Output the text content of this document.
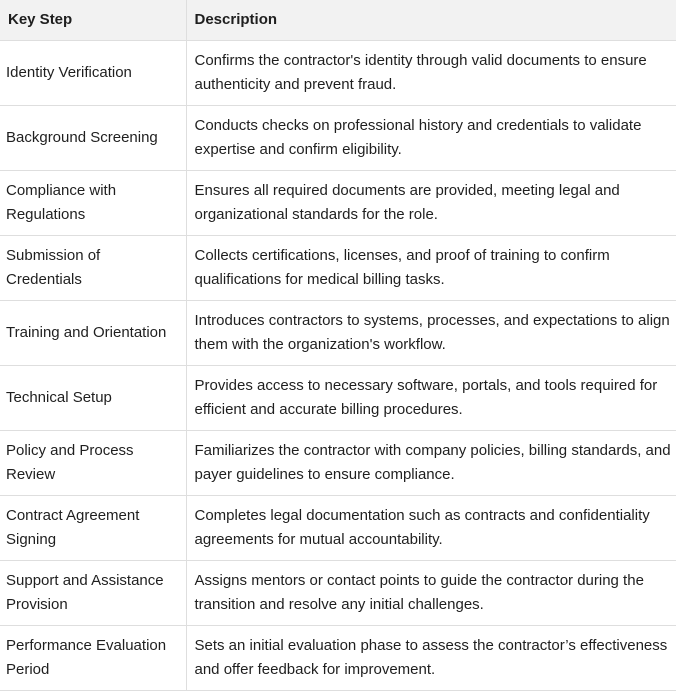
Key Step	Description
Identity Verification	Confirms the contractor's identity through valid documents to ensure authenticity and prevent fraud.
Background Screening	Conducts checks on professional history and credentials to validate expertise and confirm eligibility.
Compliance with Regulations	Ensures all required documents are provided, meeting legal and organizational standards for the role.
Submission of Credentials	Collects certifications, licenses, and proof of training to confirm qualifications for medical billing tasks.
Training and Orientation	Introduces contractors to systems, processes, and expectations to align them with the organization's workflow.
Technical Setup	Provides access to necessary software, portals, and tools required for efficient and accurate billing procedures.
Policy and Process Review	Familiarizes the contractor with company policies, billing standards, and payer guidelines to ensure compliance.
Contract Agreement Signing	Completes legal documentation such as contracts and confidentiality agreements for mutual accountability.
Support and Assistance Provision	Assigns mentors or contact points to guide the contractor during the transition and resolve any initial challenges.
Performance Evaluation Period	Sets an initial evaluation phase to assess the contractor’s effectiveness and offer feedback for improvement.
